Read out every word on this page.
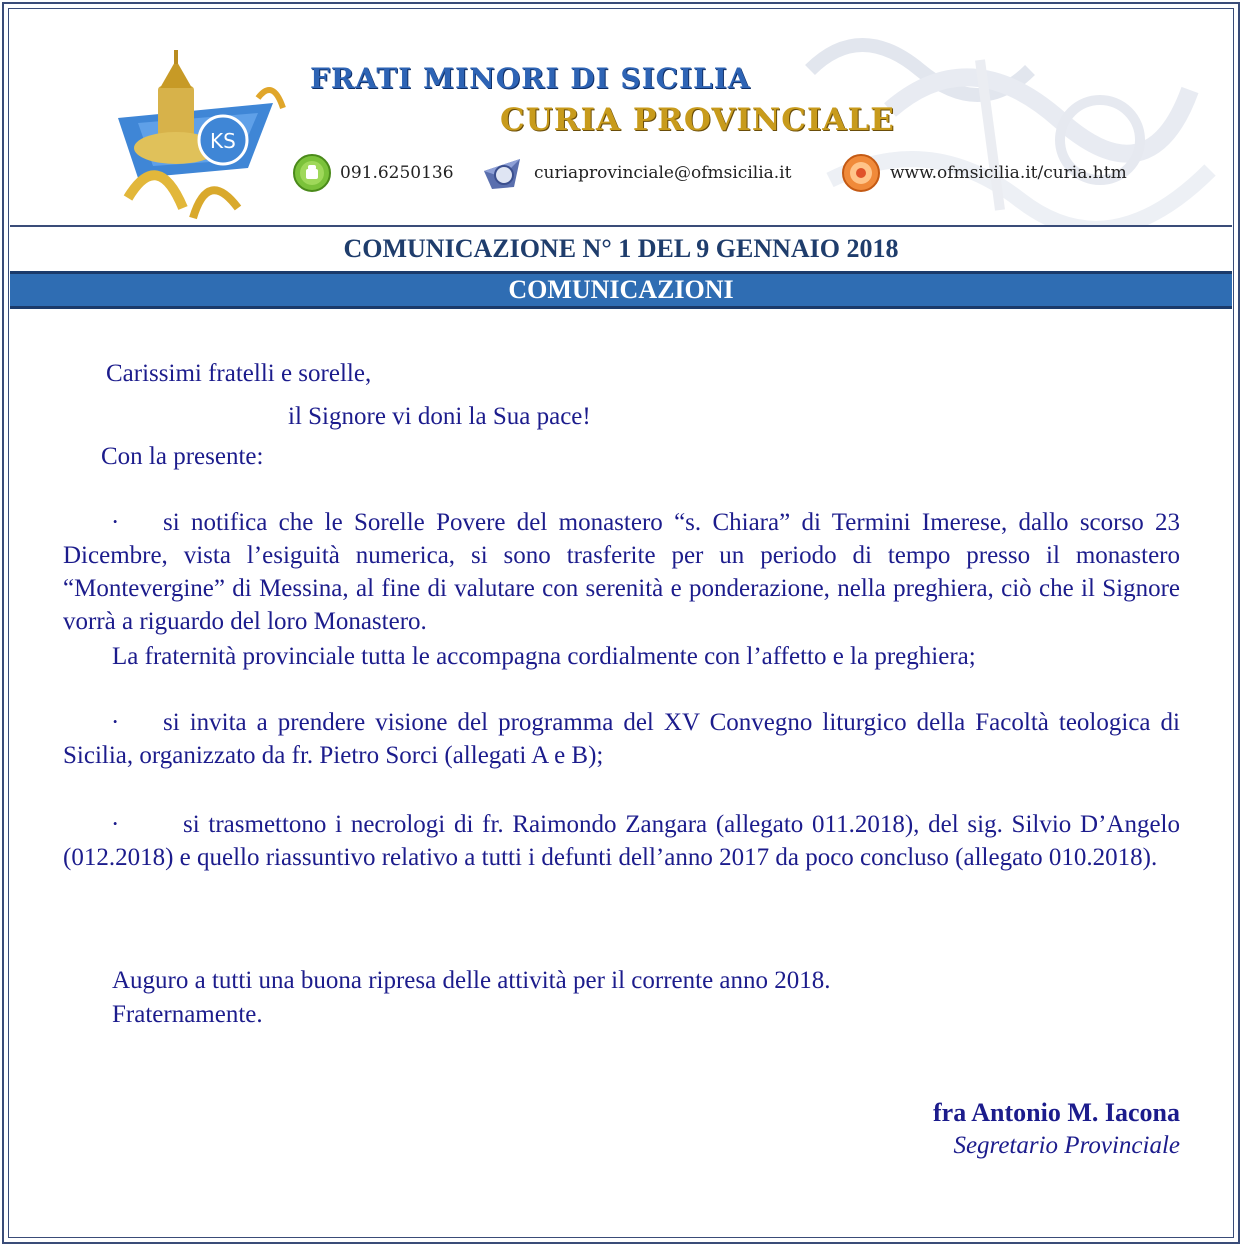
KS
FRATI MINORI DI SICILIA
CURIA PROVINCIALE
091.6250136	curiaprovinciale@ofmsicilia.it	www.ofmsicilia.it/curia.htm
COMUNICAZIONE N° 1 DEL 9 GENNAIO 2018
COMUNICAZIONI
Carissimi fratelli e sorelle,
il Signore vi doni la Sua pace!
Con la presente:
· si notifica che le Sorelle Povere del monastero “s. Chiara” di Termini Imerese, dallo scorso 23 Dicembre, vista l’esiguità numerica, si sono trasferite per un periodo di tempo presso il monastero “Montevergine” di Messina, al fine di valutare con serenità e ponderazione, nella preghiera, ciò che il Signore vorrà a riguardo del loro Monastero.
La fraternità provinciale tutta le accompagna cordialmente con l’affetto e la preghiera;
· si invita a prendere visione del programma del XV Convegno liturgico della Facoltà teologica di Sicilia, organizzato da fr. Pietro Sorci (allegati A e B);
·	si trasmettono i necrologi di fr. Raimondo Zangara (allegato 011.2018), del sig. Silvio D’Angelo (012.2018) e quello riassuntivo relativo a tutti i defunti dell’anno 2017 da poco concluso (allegato 010.2018).
Auguro a tutti una buona ripresa delle attività per il corrente anno 2018.
Fraternamente.
fra Antonio M. Iacona
Segretario Provinciale
